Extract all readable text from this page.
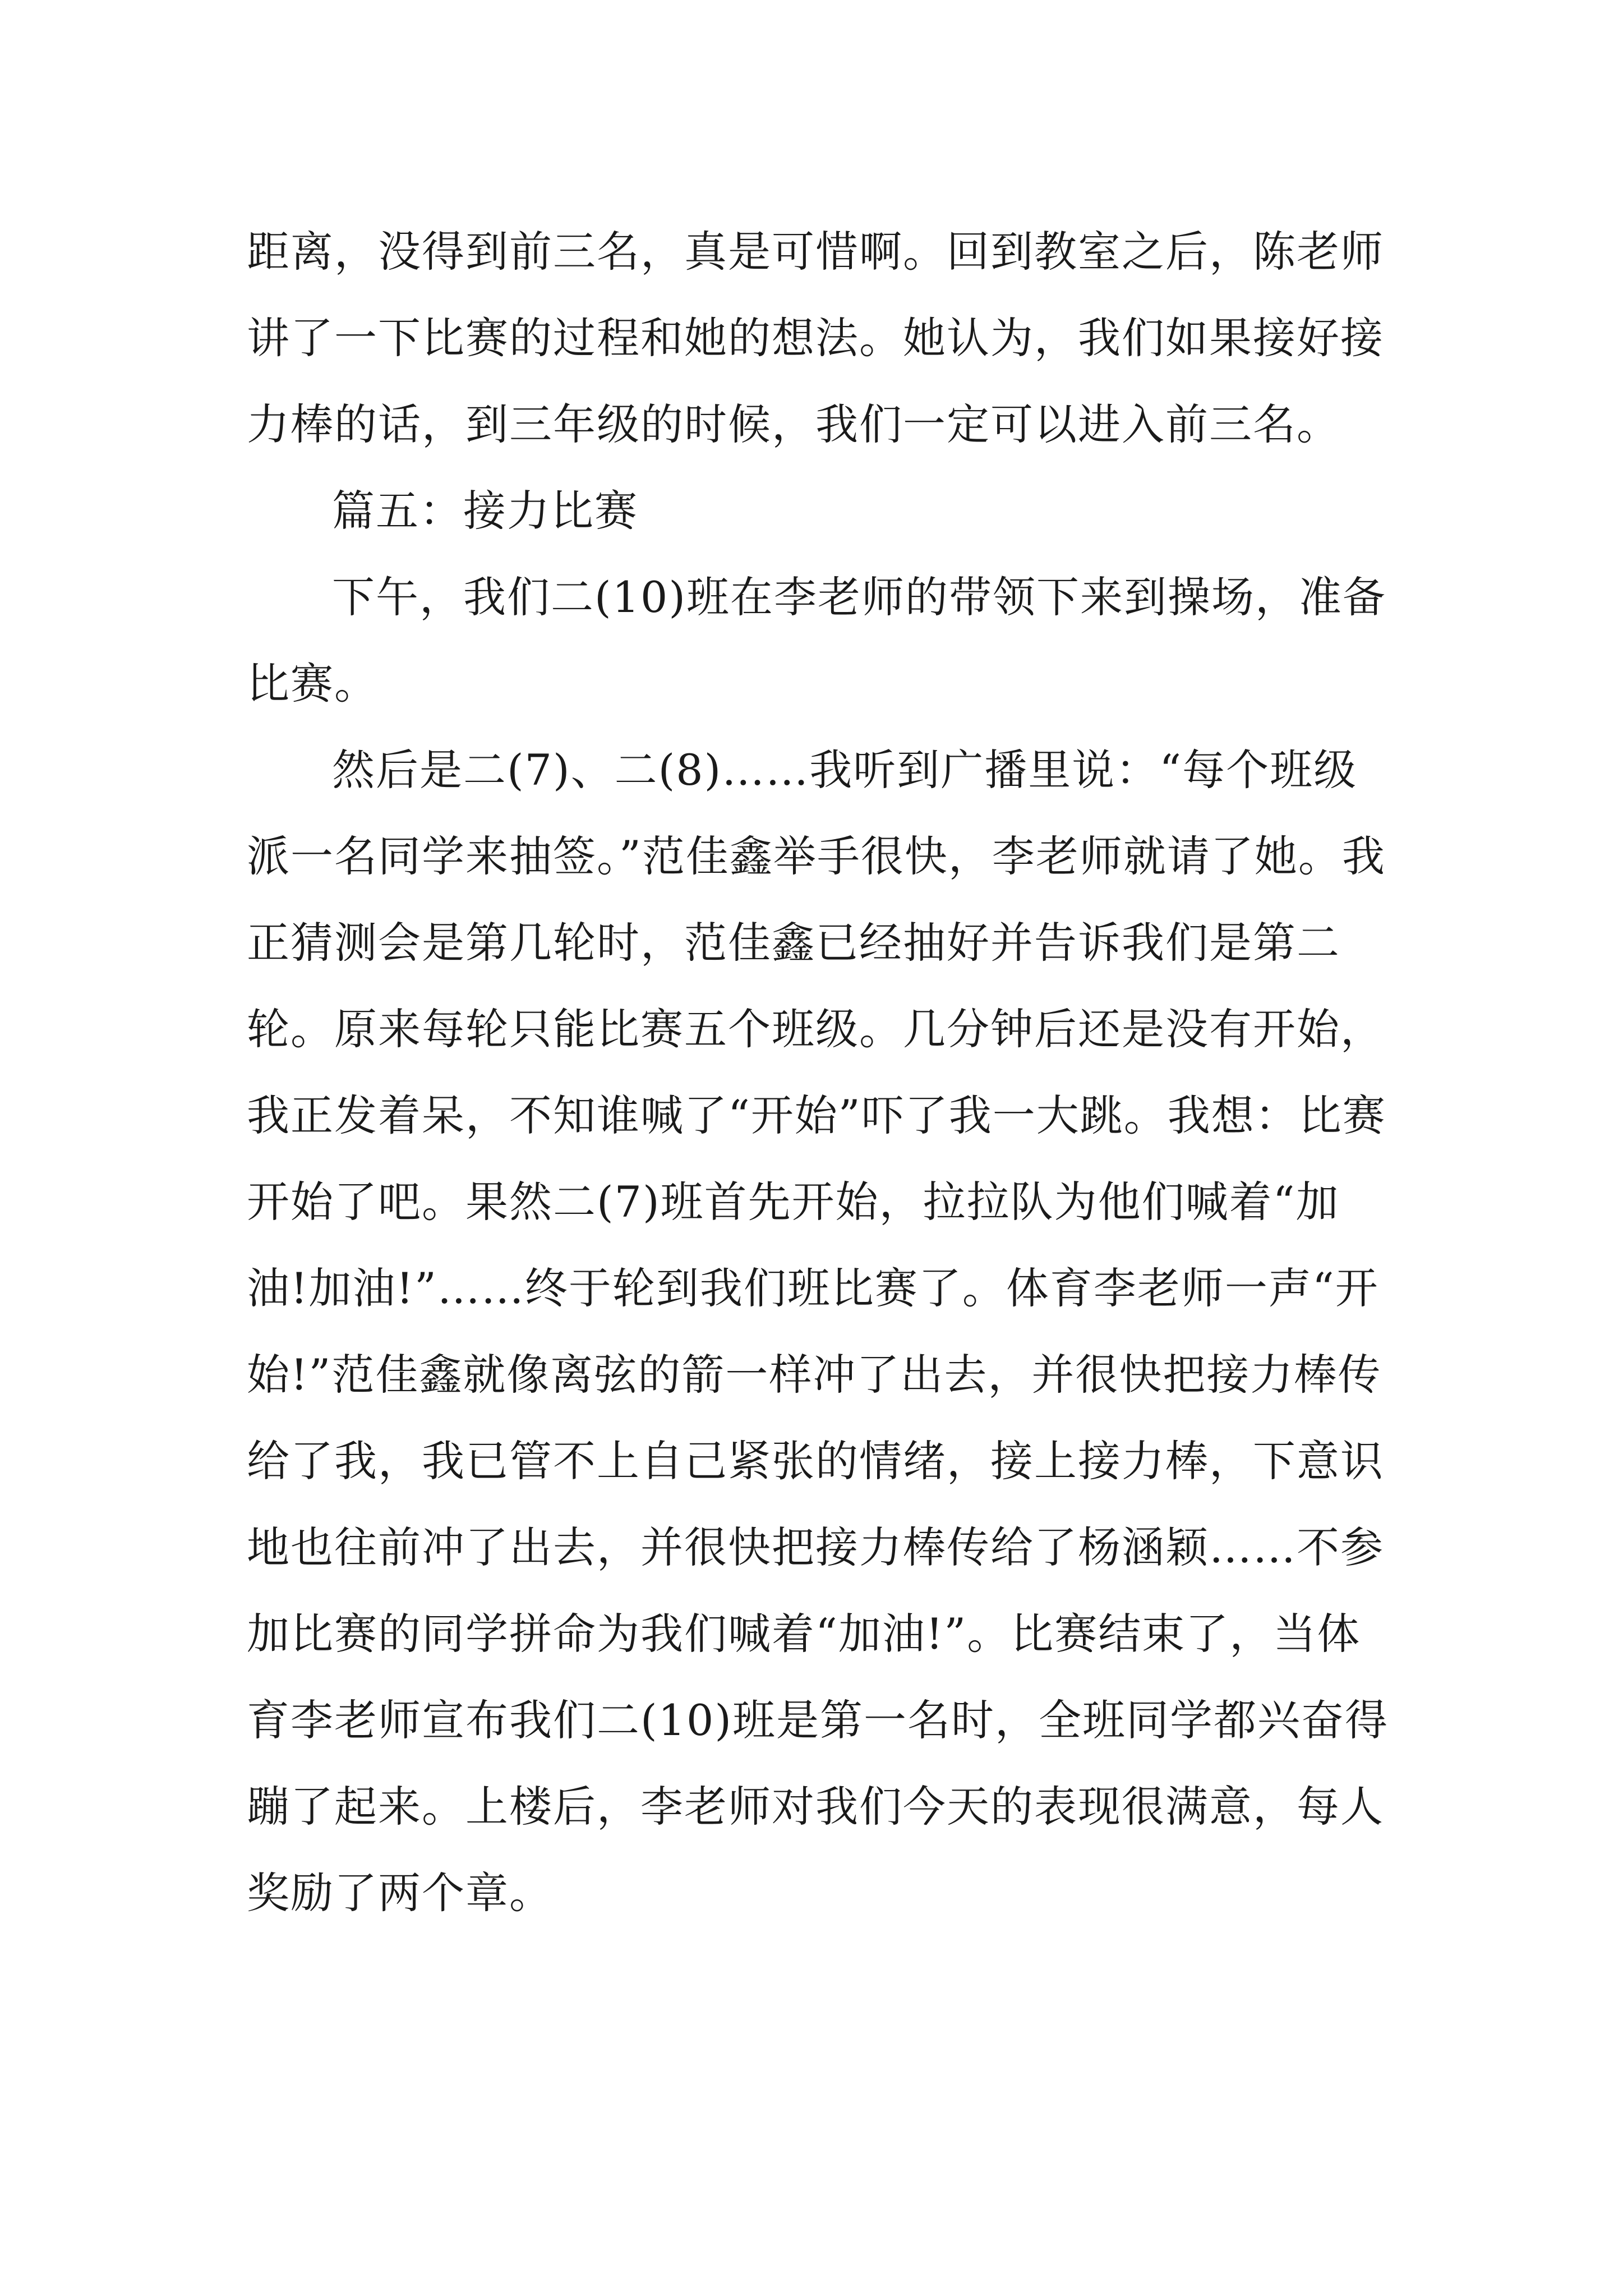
距离，没得到前三名，真是可惜啊。回到教室之后，陈老师讲了一下比赛的过程和她的想法。她认为，我们如果接好接力棒的话，到三年级的时候，我们一定可以进入前三名。

篇五：接力比赛

下午，我们二(10)班在李老师的带领下来到操场，准备比赛。

然后是二(7)、二(8)……我听到广播里说：“每个班级派一名同学来抽签。”范佳鑫举手很快，李老师就请了她。我正猜测会是第几轮时，范佳鑫已经抽好并告诉我们是第二轮。原来每轮只能比赛五个班级。几分钟后还是没有开始，我正发着呆，不知谁喊了“开始”吓了我一大跳。我想：比赛开始了吧。果然二(7)班首先开始，拉拉队为他们喊着“加油!加油!”……终于轮到我们班比赛了。体育李老师一声“开始!”范佳鑫就像离弦的箭一样冲了出去，并很快把接力棒传给了我，我已管不上自己紧张的情绪，接上接力棒，下意识地也往前冲了出去，并很快把接力棒传给了杨涵颖……不参加比赛的同学拼命为我们喊着“加油!”。比赛结束了，当体育李老师宣布我们二(10)班是第一名时，全班同学都兴奋得蹦了起来。上楼后，李老师对我们今天的表现很满意，每人奖励了两个章。
